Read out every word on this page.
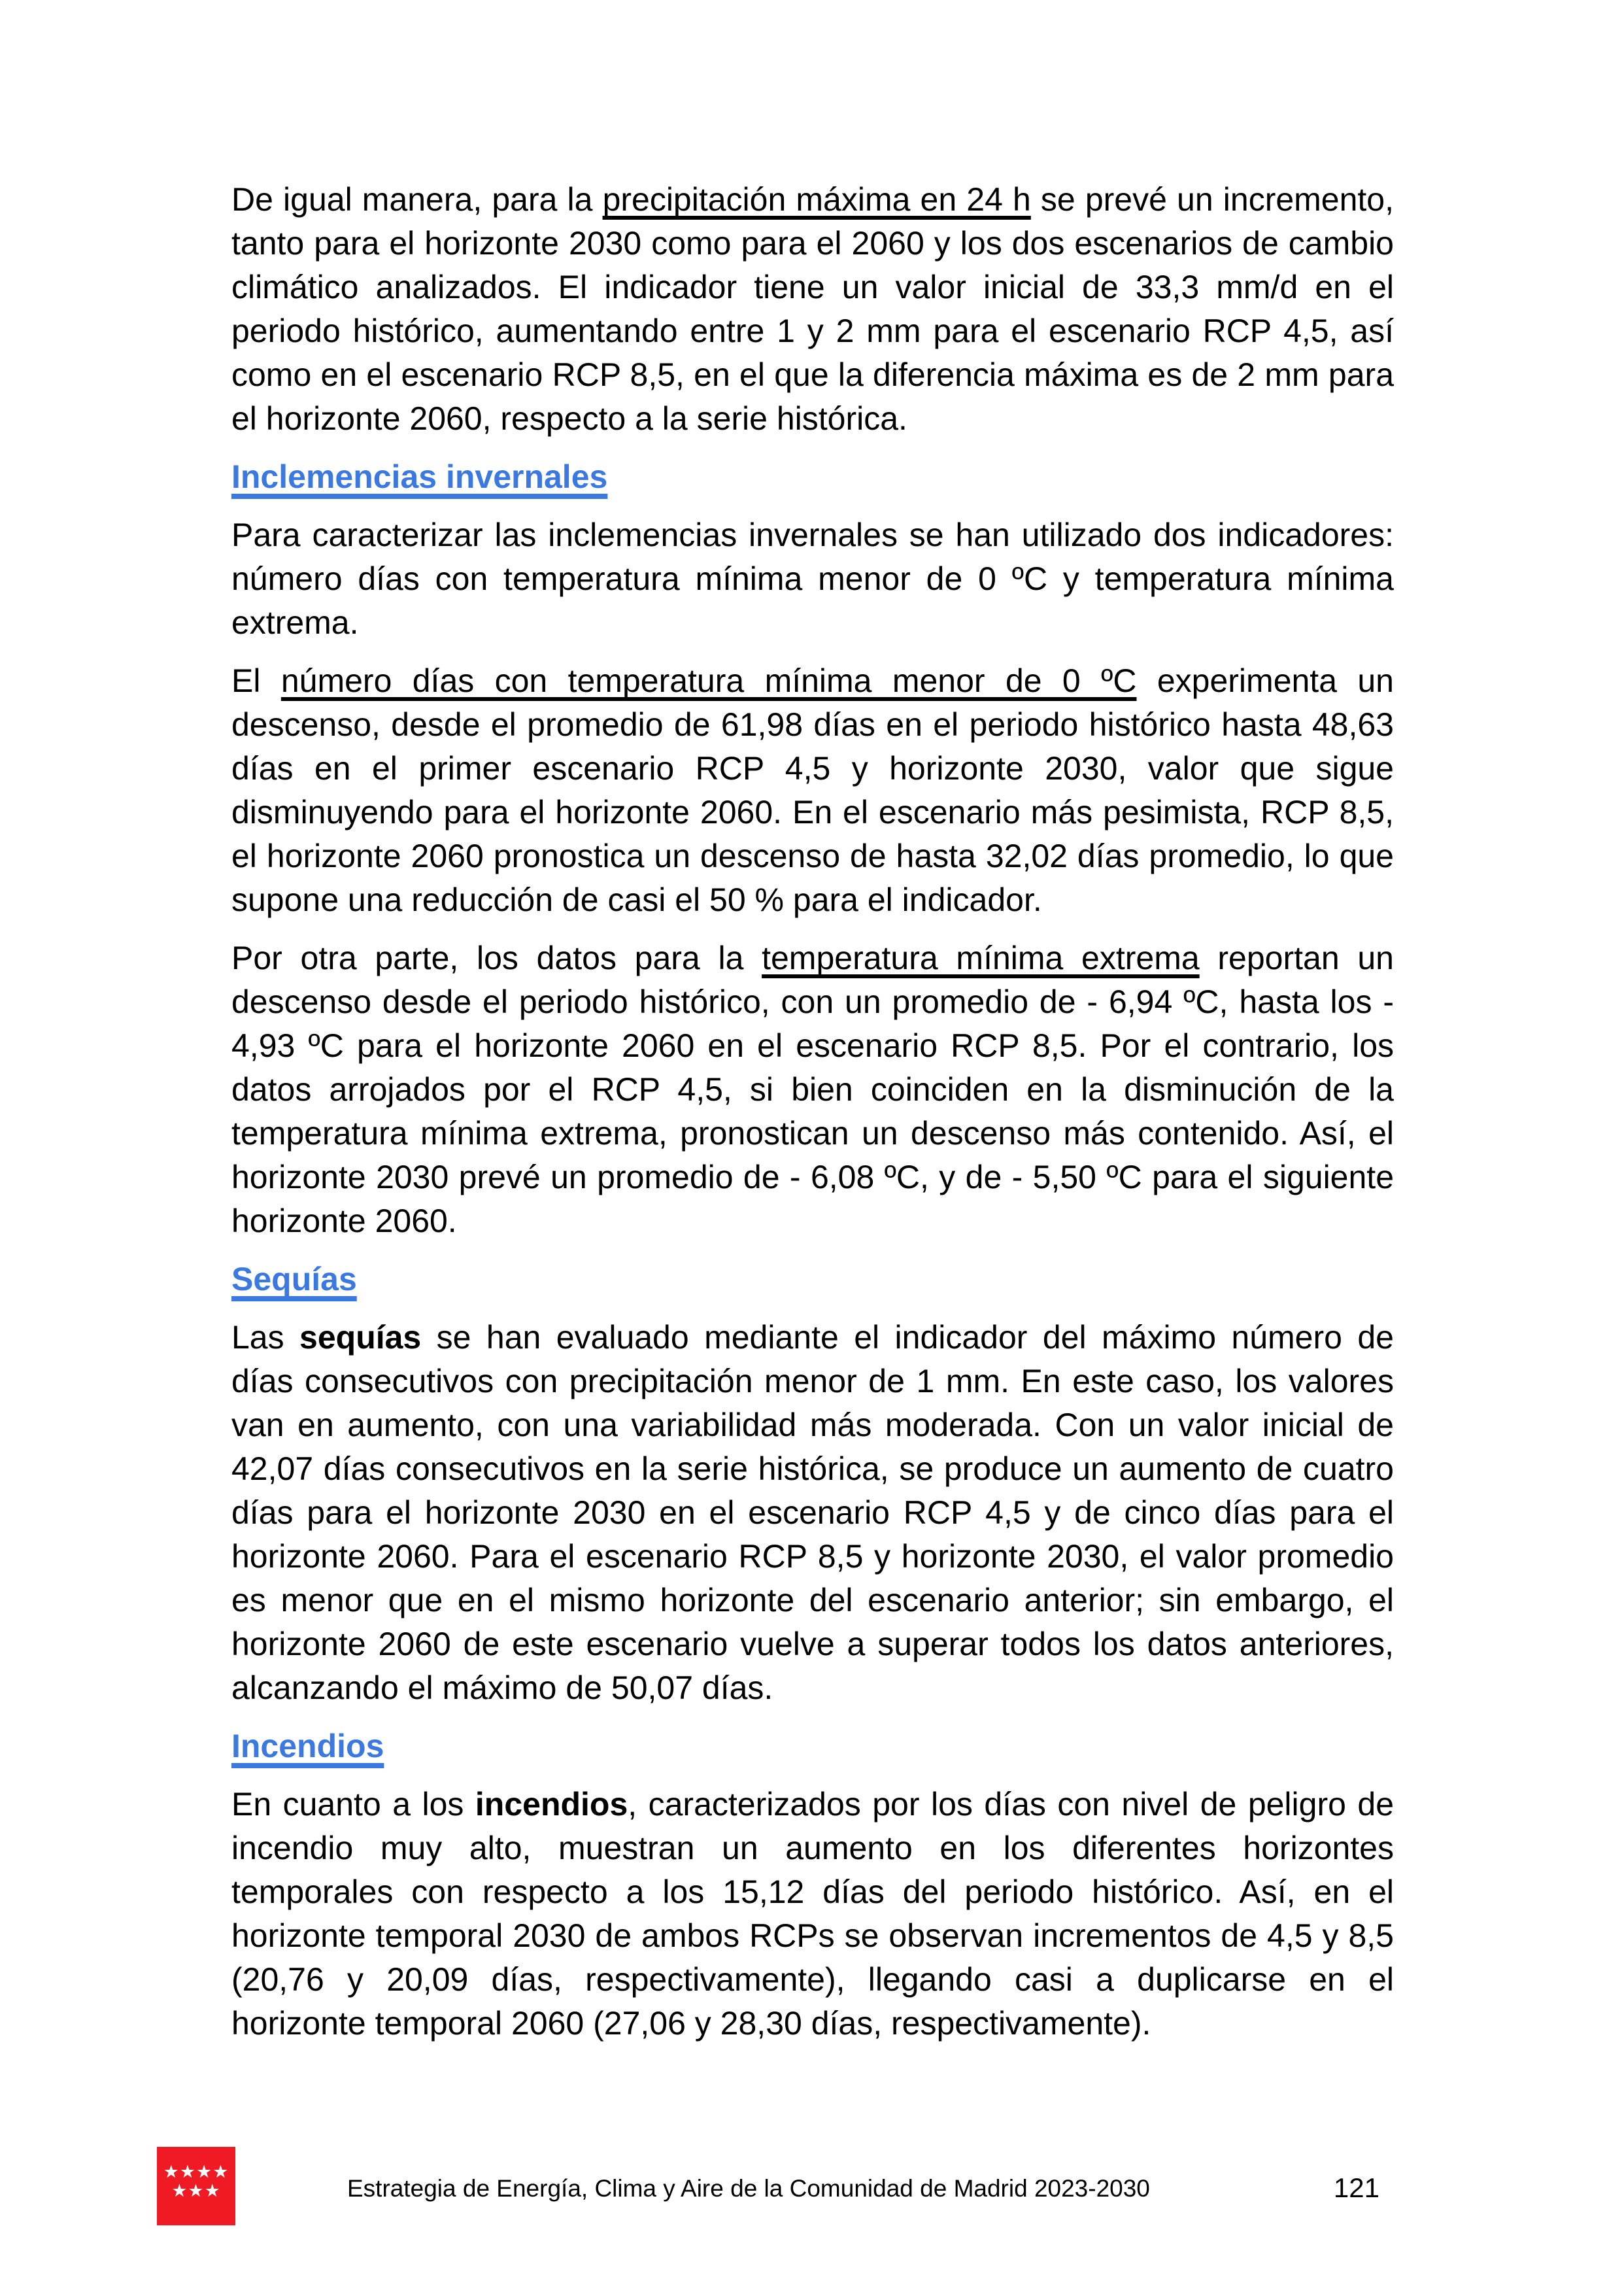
De igual manera, para la precipitación máxima en 24 h se prevé un incremento, tanto para el horizonte 2030 como para el 2060 y los dos escenarios de cambio climático analizados. El indicador tiene un valor inicial de 33,3 mm/d en el periodo histórico, aumentando entre 1 y 2 mm para el escenario RCP 4,5, así como en el escenario RCP 8,5, en el que la diferencia máxima es de 2 mm para el horizonte 2060, respecto a la serie histórica.

Inclemencias invernales

Para caracterizar las inclemencias invernales se han utilizado dos indicadores: número días con temperatura mínima menor de 0 ºC y temperatura mínima extrema.

El número días con temperatura mínima menor de 0 ºC experimenta un descenso, desde el promedio de 61,98 días en el periodo histórico hasta 48,63 días en el primer escenario RCP 4,5 y horizonte 2030, valor que sigue disminuyendo para el horizonte 2060. En el escenario más pesimista, RCP 8,5, el horizonte 2060 pronostica un descenso de hasta 32,02 días promedio, lo que supone una reducción de casi el 50 % para el indicador.

Por otra parte, los datos para la temperatura mínima extrema reportan un descenso desde el periodo histórico, con un promedio de - 6,94 ºC, hasta los - 4,93 ºC para el horizonte 2060 en el escenario RCP 8,5. Por el contrario, los datos arrojados por el RCP 4,5, si bien coinciden en la disminución de la temperatura mínima extrema, pronostican un descenso más contenido. Así, el horizonte 2030 prevé un promedio de - 6,08 ºC, y de - 5,50 ºC para el siguiente horizonte 2060.

Sequías

Las sequías se han evaluado mediante el indicador del máximo número de días consecutivos con precipitación menor de 1 mm. En este caso, los valores van en aumento, con una variabilidad más moderada. Con un valor inicial de 42,07 días consecutivos en la serie histórica, se produce un aumento de cuatro días para el horizonte 2030 en el escenario RCP 4,5 y de cinco días para el horizonte 2060. Para el escenario RCP 8,5 y horizonte 2030, el valor promedio es menor que en el mismo horizonte del escenario anterior; sin embargo, el horizonte 2060 de este escenario vuelve a superar todos los datos anteriores, alcanzando el máximo de 50,07 días.

Incendios

En cuanto a los incendios, caracterizados por los días con nivel de peligro de incendio muy alto, muestran un aumento en los diferentes horizontes temporales con respecto a los 15,12 días del periodo histórico. Así, en el horizonte temporal 2030 de ambos RCPs se observan incrementos de 4,5 y 8,5 (20,76 y 20,09 días, respectivamente), llegando casi a duplicarse en el horizonte temporal 2060 (27,06 y 28,30 días, respectivamente).

★★★★
★★★	Estrategia de Energía, Clima y Aire de la Comunidad de Madrid 2023-2030	121
